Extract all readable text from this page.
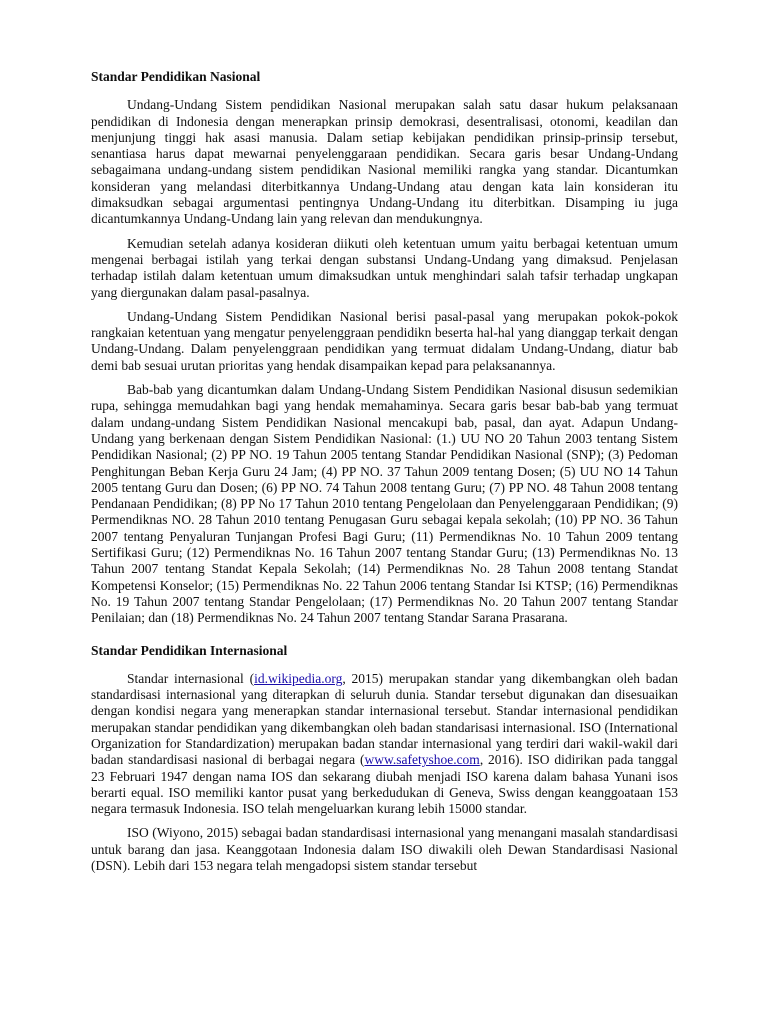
Standar Pendidikan Nasional

Undang-Undang Sistem pendidikan Nasional merupakan salah satu dasar hukum pelaksanaan pendidikan di Indonesia dengan menerapkan prinsip demokrasi, desentralisasi, otonomi, keadilan dan menjunjung tinggi hak asasi manusia. Dalam setiap kebijakan pendidikan prinsip-prinsip tersebut, senantiasa harus dapat mewarnai penyelenggaraan pendidikan. Secara garis besar Undang-Undang sebagaimana undang-undang sistem pendidikan Nasional memiliki rangka yang standar. Dicantumkan konsideran yang melandasi diterbitkannya Undang-Undang atau dengan kata lain konsideran itu dimaksudkan sebagai argumentasi pentingnya Undang-Undang itu diterbitkan. Disamping iu juga dicantumkannya Undang-Undang lain yang relevan dan mendukungnya.

Kemudian setelah adanya kosideran diikuti oleh ketentuan umum yaitu berbagai ketentuan umum mengenai berbagai istilah yang terkai dengan substansi Undang-Undang yang dimaksud. Penjelasan terhadap istilah dalam ketentuan umum dimaksudkan untuk menghindari salah tafsir terhadap ungkapan yang diergunakan dalam pasal-pasalnya.

Undang-Undang Sistem Pendidikan Nasional berisi pasal-pasal yang merupakan pokok-pokok rangkaian ketentuan yang mengatur penyelenggraan pendidikn beserta hal-hal yang dianggap terkait dengan Undang-Undang. Dalam penyelenggraan pendidikan yang termuat didalam Undang-Undang, diatur bab demi bab sesuai urutan prioritas yang hendak disampaikan kepad para pelaksanannya.

Bab-bab yang dicantumkan dalam Undang-Undang Sistem Pendidikan Nasional disusun sedemikian rupa, sehingga memudahkan bagi yang hendak memahaminya. Secara garis besar bab-bab yang termuat dalam undang-undang Sistem Pendidikan Nasional mencakupi bab, pasal, dan ayat. Adapun Undang- Undang yang berkenaan dengan Sistem Pendidikan Nasional: (1.) UU NO 20 Tahun 2003 tentang Sistem Pendidikan Nasional; (2) PP NO. 19 Tahun 2005 tentang Standar Pendidikan Nasional (SNP); (3) Pedoman Penghitungan Beban Kerja Guru 24 Jam; (4) PP NO. 37 Tahun 2009 tentang Dosen; (5) UU NO 14 Tahun 2005 tentang Guru dan Dosen; (6) PP NO. 74 Tahun 2008 tentang Guru; (7) PP NO. 48 Tahun 2008 tentang Pendanaan Pendidikan; (8) PP No 17 Tahun 2010 tentang Pengelolaan dan Penyelenggaraan Pendidikan; (9) Permendiknas NO. 28 Tahun 2010 tentang Penugasan Guru sebagai kepala sekolah; (10) PP NO. 36 Tahun 2007 tentang Penyaluran Tunjangan Profesi Bagi Guru; (11) Permendiknas No. 10 Tahun 2009 tentang Sertifikasi Guru; (12) Permendiknas No. 16 Tahun 2007 tentang Standar Guru; (13) Permendiknas No. 13 Tahun 2007 tentang Standat Kepala Sekolah; (14) Permendiknas No. 28 Tahun 2008 tentang Standat Kompetensi Konselor; (15) Permendiknas No. 22 Tahun 2006 tentang Standar Isi KTSP; (16) Permendiknas No. 19 Tahun 2007 tentang Standar Pengelolaan; (17) Permendiknas No. 20 Tahun 2007 tentang Standar Penilaian; dan (18) Permendiknas No. 24 Tahun 2007 tentang Standar Sarana Prasarana.

Standar Pendidikan Internasional

Standar internasional (id.wikipedia.org, 2015) merupakan standar yang dikembangkan oleh badan standardisasi internasional yang diterapkan di seluruh dunia. Standar tersebut digunakan dan disesuaikan dengan kondisi negara yang menerapkan standar internasional tersebut. Standar internasional pendidikan merupakan standar pendidikan yang dikembangkan oleh badan standarisasi internasional. ISO (International Organization for Standardization) merupakan badan standar internasional yang terdiri dari wakil-wakil dari badan standardisasi nasional di berbagai negara (www.safetyshoe.com, 2016). ISO didirikan pada tanggal 23 Februari 1947 dengan nama IOS dan sekarang diubah menjadi ISO karena dalam bahasa Yunani isos berarti equal. ISO memiliki kantor pusat yang berkedudukan di Geneva, Swiss dengan keanggoataan 153 negara termasuk Indonesia. ISO telah mengeluarkan kurang lebih 15000 standar.

ISO (Wiyono, 2015) sebagai badan standardisasi internasional yang menangani masalah standardisasi untuk barang dan jasa. Keanggotaan Indonesia dalam ISO diwakili oleh Dewan Standardisasi Nasional (DSN). Lebih dari 153 negara telah mengadopsi sistem standar tersebut
